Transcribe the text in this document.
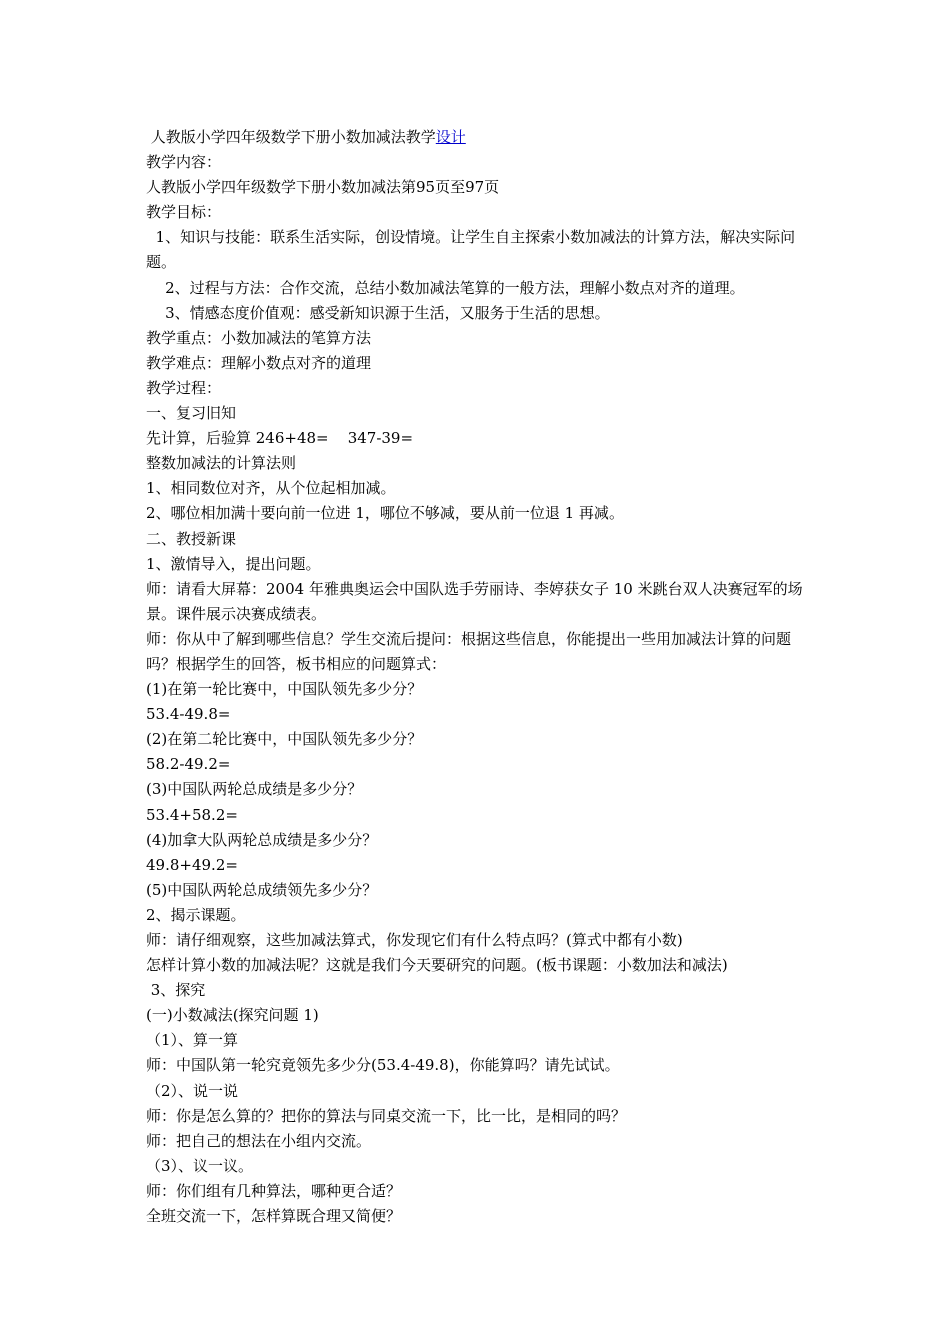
人教版小学四年级数学下册小数加减法教学设计
教学内容：
人教版小学四年级数学下册小数加减法第95页至97页
教学目标：
1、知识与技能：联系生活实际，创设情境。让学生自主探索小数加减法的计算方法，解决实际问题。
2、过程与方法：合作交流，总结小数加减法笔算的一般方法，理解小数点对齐的道理。
3、情感态度价值观：感受新知识源于生活，又服务于生活的思想。
教学重点：小数加减法的笔算方法
教学难点：理解小数点对齐的道理
教学过程：
一、复习旧知
先计算，后验算 246+48=    347-39=
整数加减法的计算法则
1、相同数位对齐，从个位起相加减。
2、哪位相加满十要向前一位进 1，哪位不够减，要从前一位退 1 再减。
二、教授新课
1、激情导入，提出问题。
师：请看大屏幕：2004 年雅典奥运会中国队选手劳丽诗、李婷获女子 10 米跳台双人决赛冠军的场景。课件展示决赛成绩表。
师：你从中了解到哪些信息？学生交流后提问：根据这些信息，你能提出一些用加减法计算的问题吗？根据学生的回答，板书相应的问题算式：
(1)在第一轮比赛中，中国队领先多少分？
53.4-49.8=
(2)在第二轮比赛中，中国队领先多少分？
58.2-49.2=
(3)中国队两轮总成绩是多少分？
53.4+58.2=
(4)加拿大队两轮总成绩是多少分？
49.8+49.2=
(5)中国队两轮总成绩领先多少分？
2、揭示课题。
师：请仔细观察，这些加减法算式，你发现它们有什么特点吗？(算式中都有小数)
怎样计算小数的加减法呢？这就是我们今天要研究的问题。(板书课题：小数加法和减法)
3、探究
(一)小数减法(探究问题 1)
（1）、算一算
师：中国队第一轮究竟领先多少分(53.4-49.8)，你能算吗？请先试试。
（2）、说一说
师：你是怎么算的？把你的算法与同桌交流一下，比一比，是相同的吗？
师：把自己的想法在小组内交流。
（3）、议一议。
师：你们组有几种算法，哪种更合适？
全班交流一下，怎样算既合理又简便？
